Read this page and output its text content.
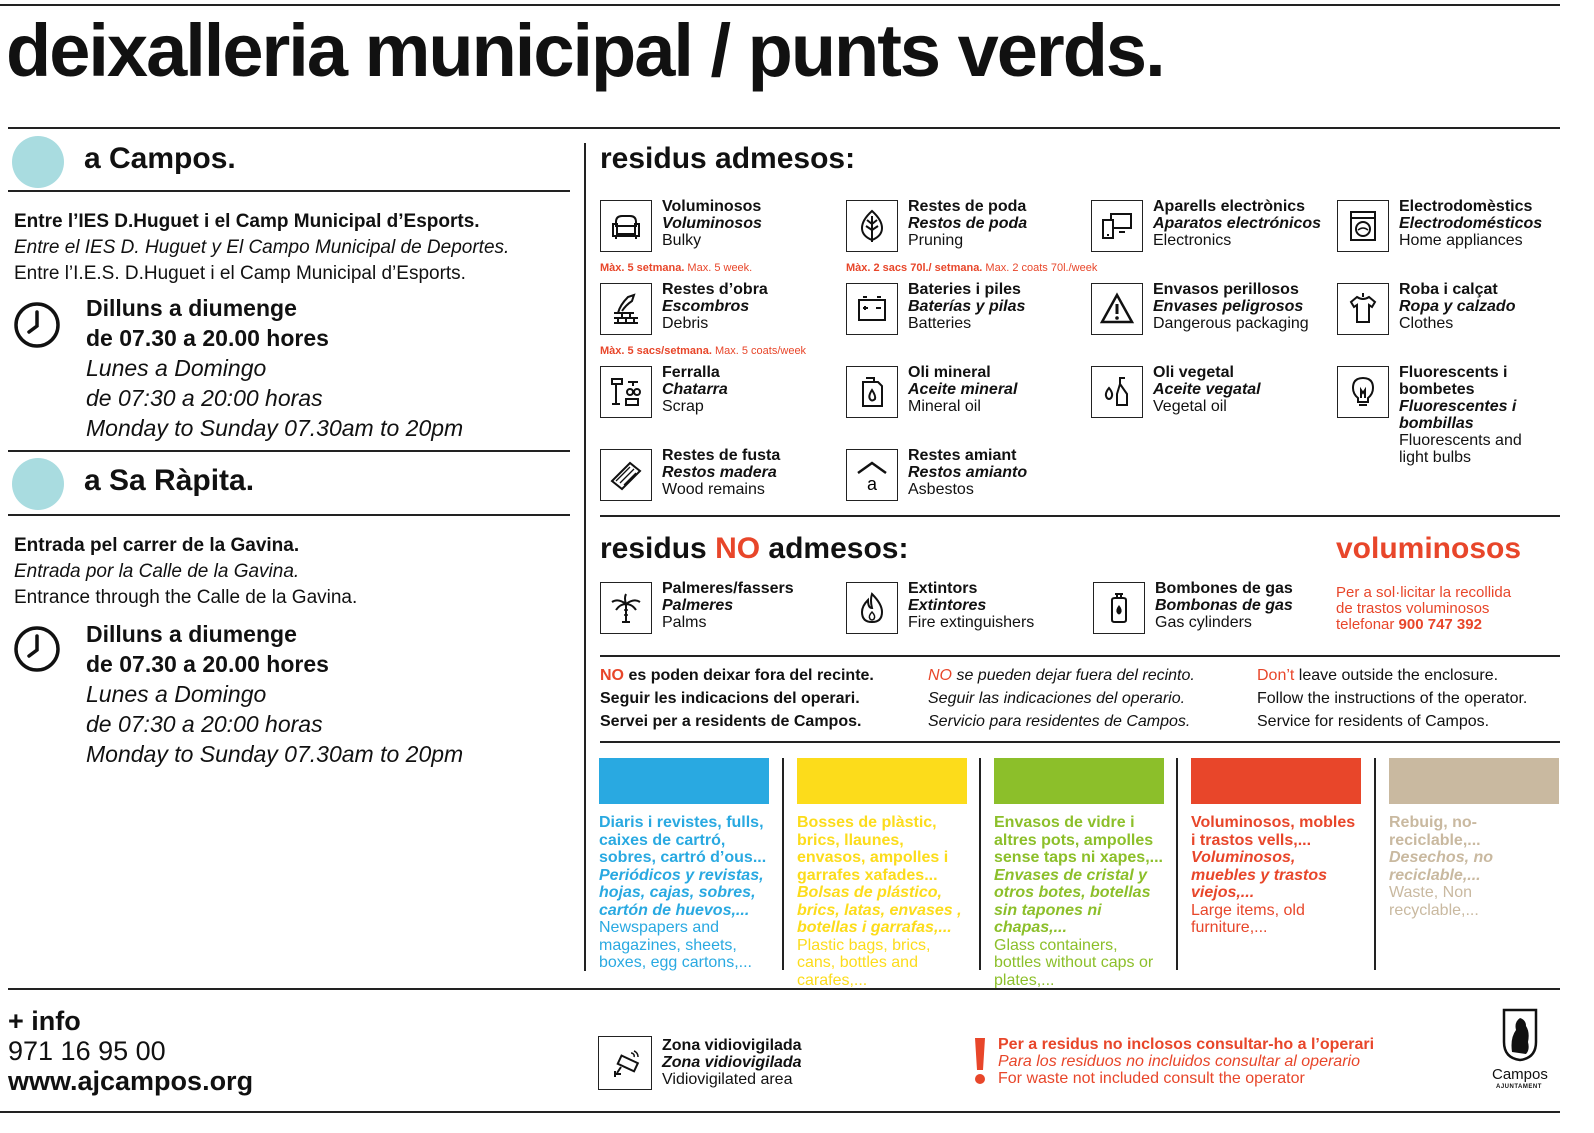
deixalleria municipal / punts verds.
a Campos.
Entre l’IES D.Huguet i el Camp Municipal d’Esports.
Entre el IES D. Huguet y El Campo Municipal de Deportes.
Entre l’I.E.S. D.Huguet i el Camp Municipal d’Esports.
Dilluns a diumenge
de 07.30 a 20.00 hores
Lunes a Domingo
de 07:30 a 20:00 horas
Monday to Sunday 07.30am to 20pm
a Sa Ràpita.
Entrada pel carrer de la Gavina.
Entrada por la Calle de la Gavina.
Entrance through the Calle de la Gavina.
Dilluns a diumenge
de 07.30 a 20.00 hores
Lunes a Domingo
de 07:30 a 20:00 horas
Monday to Sunday 07.30am to 20pm
residus admesos:
Voluminosos
Voluminosos
Bulky
Restes de poda
Restos de poda
Pruning
Aparells electrònics
Aparatos electrónicos
Electronics
Electrodomèstics
Electrodomésticos
Home appliances
Restes d’obra
Escombros
Debris
Bateries i piles
Baterías y pilas
Batteries
Envasos perillosos
Envases peligrosos
Dangerous packaging
Roba i calçat
Ropa y calzado
Clothes
Ferralla
Chatarra
Scrap
Oli mineral
Aceite mineral
Mineral oil
Oli vegetal
Aceite vegatal
Vegetal oil
Fluorescents i bombetes
Fluorescentes i bombillas
Fluorescents and light bulbs
Restes de fusta
Restos madera
Wood remains	a
Restes amiant
Restos amianto
Asbestos
Màx. 5 setmana. Max. 5 week.	Màx. 2 sacs 70l./ setmana. Max. 2 coats 70l./week
Màx. 5 sacs/setmana. Max. 5 coats/week
residus NO admesos:
Palmeres/fassers
Palmeres
Palms
Extintors
Extintores
Fire extinguishers
Bombones de gas
Bombonas de gas
Gas cylinders
voluminosos
Per a sol·licitar la recollida
de trastos voluminosos
telefonar 900 747 392
NO es poden deixar fora del recinte.
Seguir les indicacions del operari.
Servei per a residents de Campos.
NO se pueden dejar fuera del recinto.
Seguir las indicaciones del operario.
Servicio para residentes de Campos.
Don’t leave outside the enclosure.
Follow the instructions of the operator.
Service for residents of Campos.
Diaris i revistes, fulls, caixes de cartró, sobres, cartró d’ous...
Periódicos y revistas, hojas, cajas, sobres, cartón de huevos,...
Newspapers and magazines, sheets, boxes, egg cartons,...
Bosses de plàstic, brics, llaunes, envasos, ampolles i garrafes xafades...
Bolsas de plástico, brics, latas, envases , botellas i garrafas,...
Plastic bags, brics, cans, bottles and carafes,...
Envasos de vidre i altres pots, ampolles sense taps ni xapes,...
Envases de cristal y otros botes, botellas sin tapones ni chapas,...
Glass containers, bottles without caps or plates,...
Voluminosos, mobles i trastos vells,...
Voluminosos, muebles y trastos viejos,...
Large items, old furniture,...
Rebuig, no-reciclable,...
Desechos, no reciclable,...
Waste, Non recyclable,...
+ info
971 16 95 00
www.ajcampos.org
Zona vidiovigilada
Zona vidiovigilada
Vidiovigilated area
Per a residus no inclosos consultar-ho a l’operari
Para los residuos no incluidos consultar al operario
For waste not included consult the operator	Campos
AJUNTAMENT
